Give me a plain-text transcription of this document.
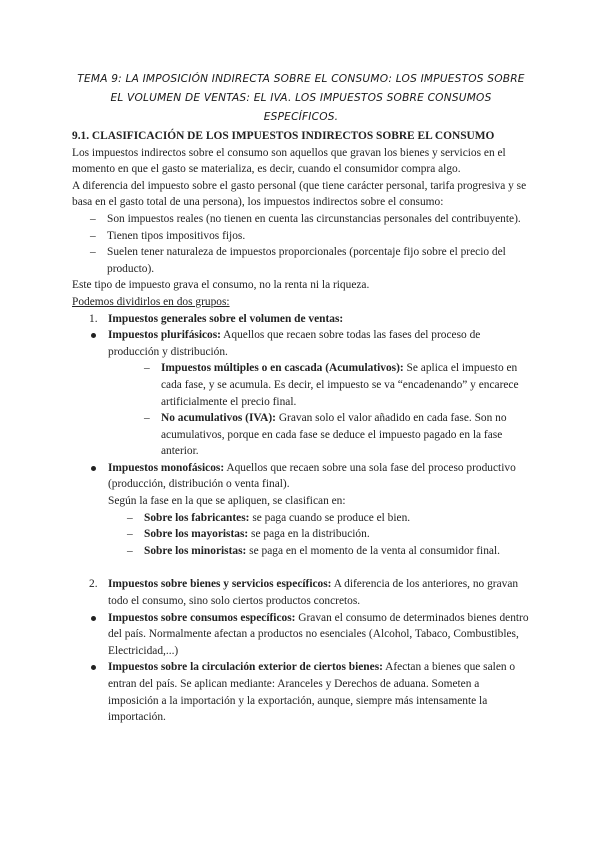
TEMA 9: LA IMPOSICIÓN INDIRECTA SOBRE EL CONSUMO: LOS IMPUESTOS SOBRE EL VOLUMEN DE VENTAS: EL IVA. LOS IMPUESTOS SOBRE CONSUMOS ESPECÍFICOS.
9.1. CLASIFICACIÓN DE LOS IMPUESTOS INDIRECTOS SOBRE EL CONSUMO

Los impuestos indirectos sobre el consumo son aquellos que gravan los bienes y servicios en el momento en que el gasto se materializa, es decir, cuando el consumidor compra algo.

A diferencia del impuesto sobre el gasto personal (que tiene carácter personal, tarifa progresiva y se basa en el gasto total de una persona), los impuestos indirectos sobre el consumo:

– Son impuestos reales (no tienen en cuenta las circunstancias personales del contribuyente).
– Tienen tipos impositivos fijos.
– Suelen tener naturaleza de impuestos proporcionales (porcentaje fijo sobre el precio del producto).

Este tipo de impuesto grava el consumo, no la renta ni la riqueza.

Podemos dividirlos en dos grupos:

1. Impuestos generales sobre el volumen de ventas:
Impuestos plurifásicos: Aquellos que recaen sobre todas las fases del proceso de producción y distribución.
– Impuestos múltiples o en cascada (Acumulativos): Se aplica el impuesto en cada fase, y se acumula. Es decir, el impuesto se va “encadenando” y encarece artificialmente el precio final.
– No acumulativos (IVA): Gravan solo el valor añadido en cada fase. Son no acumulativos, porque en cada fase se deduce el impuesto pagado en la fase anterior.
Impuestos monofásicos: Aquellos que recaen sobre una sola fase del proceso productivo (producción, distribución o venta final).

Según la fase en la que se apliquen, se clasifican en:

– Sobre los fabricantes: se paga cuando se produce el bien.
– Sobre los mayoristas: se paga en la distribución.
– Sobre los minoristas: se paga en el momento de la venta al consumidor final.
2. Impuestos sobre bienes y servicios específicos: A diferencia de los anteriores, no gravan todo el consumo, sino solo ciertos productos concretos.
Impuestos sobre consumos específicos: Gravan el consumo de determinados bienes dentro del país. Normalmente afectan a productos no esenciales (Alcohol, Tabaco, Combustibles, Electricidad,...)
Impuestos sobre la circulación exterior de ciertos bienes: Afectan a bienes que salen o entran del país. Se aplican mediante: Aranceles y Derechos de aduana. Someten a imposición a la importación y la exportación, aunque, siempre más intensamente la importación.
